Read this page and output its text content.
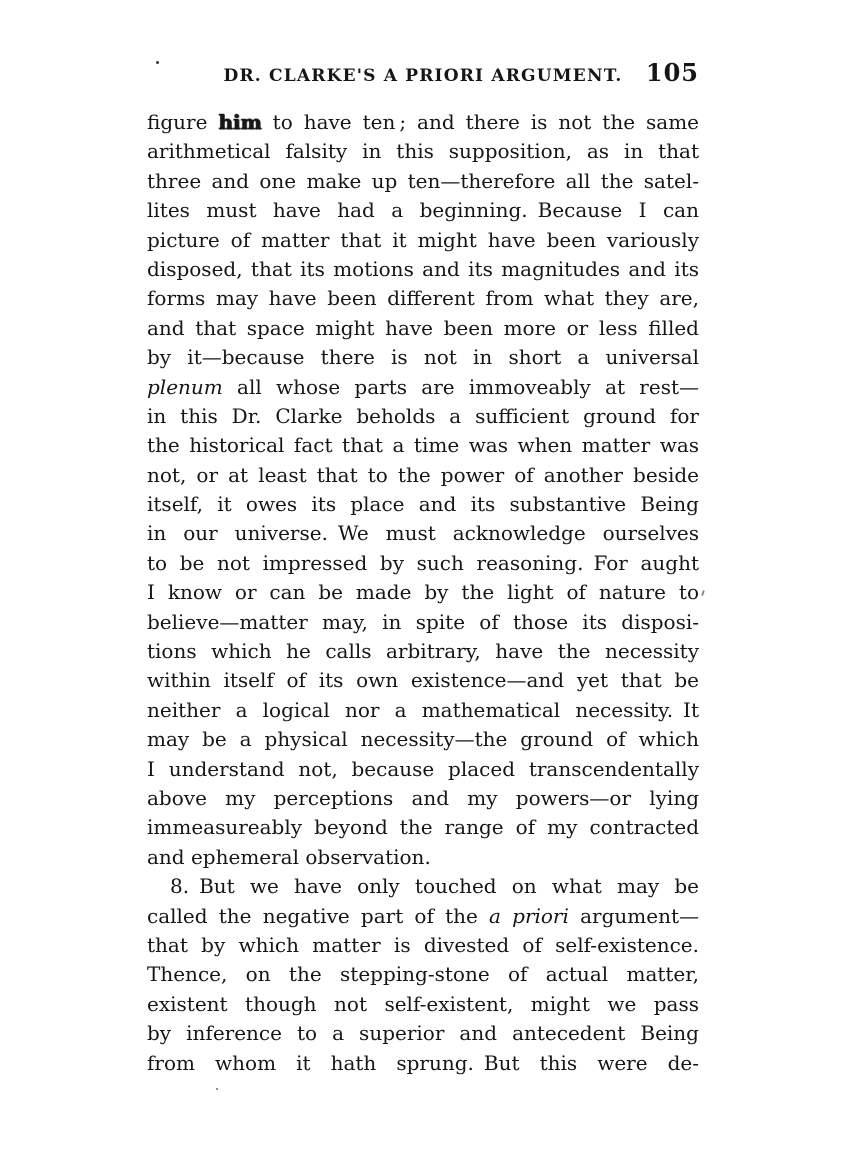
DR. CLARKE'S A PRIORI ARGUMENT. 105
figure him to have ten ; and there is not the same
arithmetical falsity in this supposition, as in that
three and one make up ten—therefore all the satel-
lites must have had a beginning. Because I can
picture of matter that it might have been variously
disposed, that its motions and its magnitudes and its
forms may have been different from what they are,
and that space might have been more or less filled
by it—because there is not in short a universal
plenum all whose parts are immoveably at rest—
in this Dr. Clarke beholds a sufficient ground for
the historical fact that a time was when matter was
not, or at least that to the power of another beside
itself, it owes its place and its substantive Being
in our universe. We must acknowledge ourselves
to be not impressed by such reasoning. For aught
I know or can be made by the light of nature to
believe—matter may, in spite of those its disposi-
tions which he calls arbitrary, have the necessity
within itself of its own existence—and yet that be
neither a logical nor a mathematical necessity. It
may be a physical necessity—the ground of which
I understand not, because placed transcendentally
above my perceptions and my powers—or lying
immeasureably beyond the range of my contracted
and ephemeral observation.
8. But we have only touched on what may be
called the negative part of the a priori argument—
that by which matter is divested of self-existence.
Thence, on the stepping-stone of actual matter,
existent though not self-existent, might we pass
by inference to a superior and antecedent Being
from whom it hath sprung. But this were de-
